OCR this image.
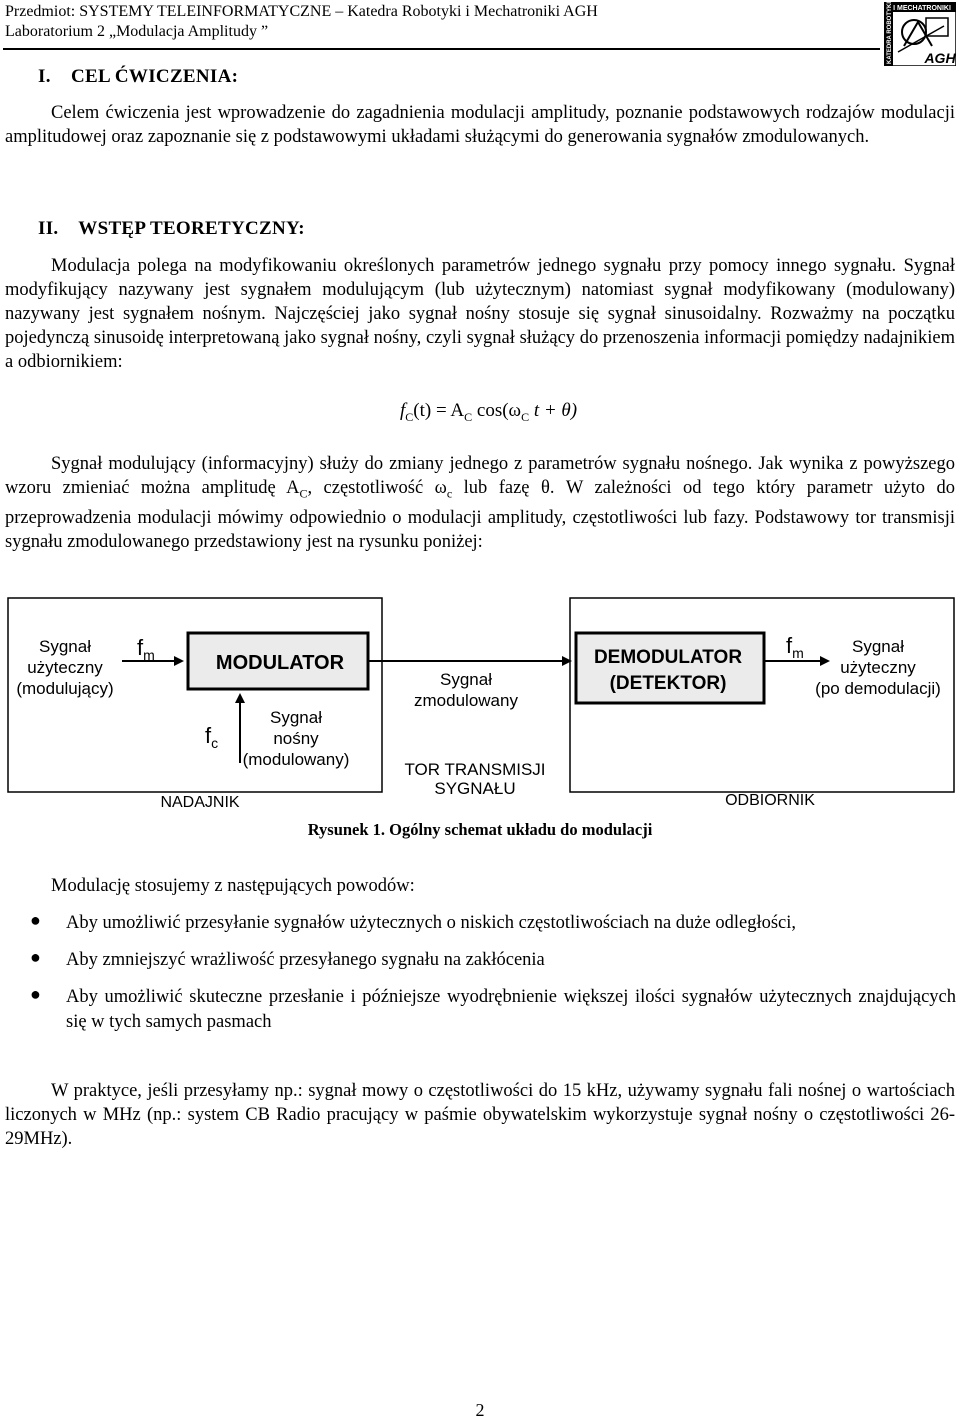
Przedmiot: SYSTEMY TELEINFORMATYCZNE – Katedra Robotyki i Mechatroniki AGH
Laboratorium 2 „Modulacja Amplitudy ”
I MECHATRONIKI
KATEDRA ROBOTYKI AGH
I.    CEL ĆWICZENIA:
Celem ćwiczenia jest wprowadzenie do zagadnienia modulacji amplitudy, poznanie podstawowych rodzajów modulacji amplitudowej oraz zapoznanie się z podstawowymi układami służącymi do generowania sygnałów zmodulowanych.
II.    WSTĘP TEORETYCZNY:
Modulacja polega na modyfikowaniu określonych parametrów jednego sygnału przy pomocy innego sygnału. Sygnał modyfikujący nazywany jest sygnałem modulującym (lub użytecznym) natomiast sygnał modyfikowany (modulowany) nazywany jest sygnałem nośnym. Najczęściej jako sygnał nośny stosuje się sygnał sinusoidalny. Rozważmy na początku pojedynczą sinusoidę interpretowaną jako sygnał nośny, czyli sygnał służący do przenoszenia informacji pomiędzy nadajnikiem a odbiornikiem:
$f_C(t) = A_C$ $\cos(\omega_C$ t + θ)
Sygnał modulujący (informacyjny) służy do zmiany jednego z parametrów sygnału nośnego. Jak wynika z powyższego wzoru zmieniać można amplitudę $A_C$, częstotliwość $\omega_c$ lub fazę θ. W zależności od tego który parametr użyto do przeprowadzenia modulacji mówimy odpowiednio o modulacji amplitudy, częstotliwości lub fazy. Podstawowy tor transmisji sygnału zmodulowanego przedstawiony jest na rysunku poniżej:
Sygnał
użyteczny
(modulujący)
$f_m$	MODULATOR
$f_c$
Sygnał
nośny
(modulowany)
NADAJNIK
Sygnał
zmodulowany
TOR TRANSMISJI
SYGNAŁU
DEMODULATOR
(DETEKTOR)
$f_m$	Sygnał
użyteczny
(po demodulacji)
ODBIORNIK
Rysunek 1. Ogólny schemat układu do modulacji
Modulację stosujemy z następujących powodów:
● Aby umożliwić przesyłanie sygnałów użytecznych o niskich częstotliwościach na duże odległości,
● Aby zmniejszyć wrażliwość przesyłanego sygnału na zakłócenia
● Aby umożliwić skuteczne przesłanie i późniejsze wyodrębnienie większej ilości sygnałów użytecznych znajdujących się w tych samych pasmach
W praktyce, jeśli przesyłamy np.: sygnał mowy o częstotliwości do 15 kHz, używamy sygnału fali nośnej o wartościach liczonych w MHz (np.: system CB Radio pracujący w paśmie obywatelskim wykorzystuje sygnał nośny o częstotliwości 26-29MHz).
2
